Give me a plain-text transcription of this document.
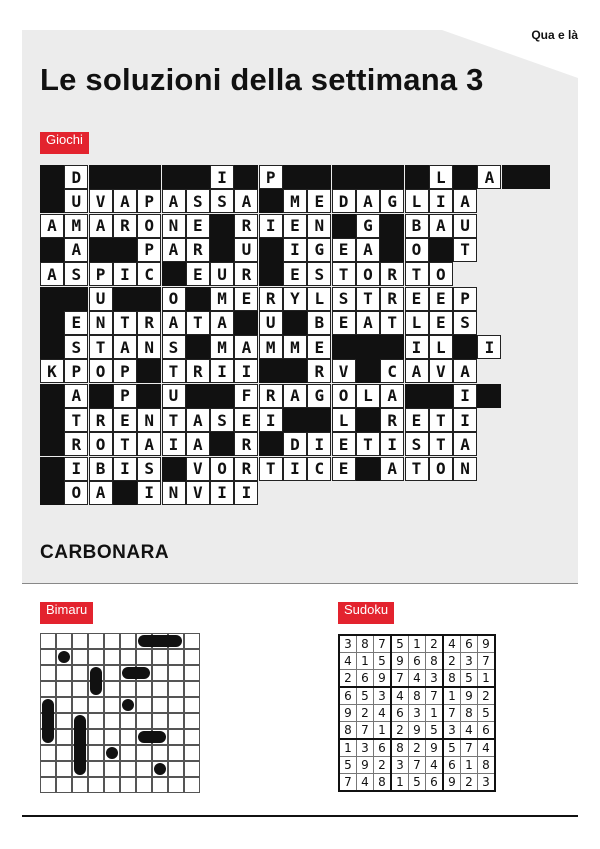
Qua e là
Le soluzioni della settimana 3
Giochi
D	I	P	L	A
U V A P A S S A	M E D A G L I A
A M A R O N E	R I E N	G	B A U
A	P A R	U	I G E A	O	T
A S P I C	E U R	E S T O R T O
U	O	M E R Y L S T R E E P
E N T R A T A	U	B E A T L E S
S T A N S	M A M M E	I L	I
K P O P	T R I I	R V	C A V A
A	P	U	F R A G O L A	I
T R E N T A S E I	L	R E T I
R O T A I A	R	D I E T I S T A
I B I S	V O R T I C E	A T O N
O A	I N V I I
CARBONARA
Bimaru	Sudoku
3	8	7	5	1	2	4	6	9
4	1	5	9	6	8	2	3	7
2	6	9	7	4	3	8	5	1
6	5	3	4	8	7	1	9	2
9	2	4	6	3	1	7	8	5
8	7	1	2	9	5	3	4	6
1	3	6	8	2	9	5	7	4
5	9	2	3	7	4	6	1	8
7	4	8	1	5	6	9	2	3
